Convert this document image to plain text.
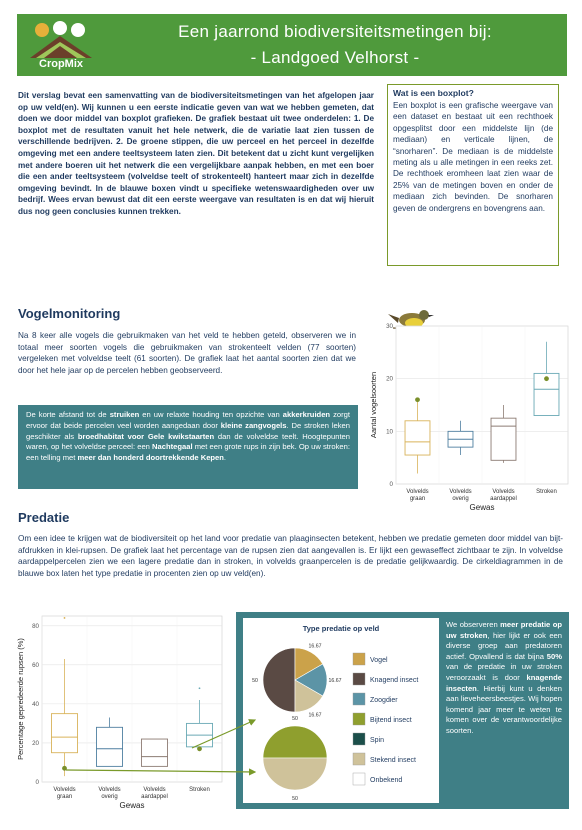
CropMix
Een jaarrond biodiversiteitsmetingen bij:
- Landgoed Velhorst -
Dit verslag bevat een samenvatting van de biodiversiteitsmetingen van het afgelopen jaar op uw veld(en). Wij kunnen u een eerste indicatie geven van wat we hebben gemeten, dat doen we door middel van boxplot grafieken. De grafiek bestaat uit twee onderdelen: 1. De boxplot met de resultaten vanuit het hele netwerk, die de variatie laat zien tussen de verschillende bedrijven. 2. De groene stippen, die uw perceel en het perceel in dezelfde omgeving met een andere teeltsysteem laten zien. Dit betekent dat u zicht kunt vergelijken met andere boeren uit het netwerk die een vergelijkbare aanpak hebben, en met een boer die een ander teeltsysteem (volveldse teelt of strokenteelt) hanteert maar zich in dezelfde omgeving bevindt. In de blauwe boxen vindt u specifieke wetenswaardigheden over uw bedrijf. Wees ervan bewust dat dit een eerste weergave van resultaten is en dat wij hieruit dus nog geen conclusies kunnen trekken.
Wat is een boxplot?

Een boxplot is een grafische weergave van een dataset en bestaat uit een rechthoek opgesplitst door een middelste lijn (de mediaan) en verticale lijnen, de “snorharen”. De mediaan is de middelste meting als u alle metingen in een reeks zet. De rechthoek eromheen laat zien waar de 25% van de metingen boven en onder de mediaan zich bevinden. De snorharen geven de ondergrens en bovengrens aan.

Vogelmonitoring
Na 8 keer alle vogels die gebruikmaken van het veld te hebben geteld, observeren we in totaal meer soorten vogels die gebruikmaken van strokenteelt velden (77 soorten) vergeleken met volveldse teelt (61 soorten). De grafiek laat het aantal soorten zien dat we door het hele jaar op de percelen hebben geobserveerd.
De korte afstand tot de struiken en uw relaxte houding ten opzichte van akkerkruiden zorgt ervoor dat beide percelen veel worden aangedaan door kleine zangvogels. De stroken leken geschikter als broedhabitat voor Gele kwikstaarten dan de volveldse teelt. Hoogtepunten waren, op het volveldse perceel: een Nachtegaal met een grote rups in zijn bek. Op uw stroken: een telling met meer dan honderd doortrekkende Kepen.
0
10
20
30
Volvelds
graan
Volvelds
overig
Volvelds
aardappel
Stroken
Gewas
Aantal vogelsoorten
Predatie
Om een idee te krijgen wat de biodiversiteit op het land voor predatie van plaaginsecten betekent, hebben we predatie gemeten door middel van bijt-afdrukken in klei-rupsen. De grafiek laat het percentage van de rupsen zien dat aangevallen is. Er lijkt een gewaseffect zichtbaar te zijn. In volveldse aardappelpercelen zien we een lagere predatie dan in stroken, in volvelds graanpercelen is de predatie gelijkwaardig. De cirkeldiagrammen in de blauwe box laten het type predatie in procenten zien op uw veld(en).
0
20
40
60
80
Volvelds
graan
Volvelds
overig
Volvelds
aardappel
Stroken
Gewas
Percentage gepredeerde rupsen (%)
Type predatie op veld
50
16.67
16.67
16.67
50
50
Vogel
Knagend insect
Zoogdier
Bijtend insect
Spin
Stekend insect
Onbekend
We observeren meer predatie op uw stroken, hier lijkt er ook een diverse groep aan predatoren actief. Opvallend is dat bijna 50% van de predatie in uw stroken veroorzaakt is door knagende insecten. Hierbij kunt u denken aan lieveheersbeestjes. Wij hopen komend jaar meer te weten te komen over de verantwoordelijke soorten.
